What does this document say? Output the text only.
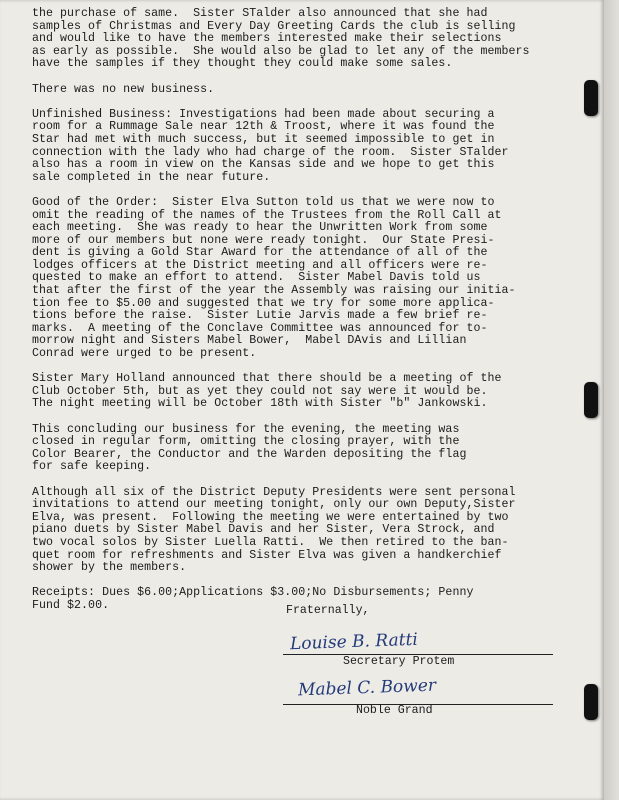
the purchase of same.  Sister STalder also announced that she had
samples of Christmas and Every Day Greeting Cards the club is selling
and would like to have the members interested make their selections
as early as possible.  She would also be glad to let any of the members
have the samples if they thought they could make some sales.
There was no new business.
Unfinished Business: Investigations had been made about securing a
room for a Rummage Sale near 12th & Troost, where it was found the
Star had met with much success, but it seemed impossible to get in
connection with the lady who had charge of the room.  Sister STalder
also has a room in view on the Kansas side and we hope to get this
sale completed in the near future.
Good of the Order:  Sister Elva Sutton told us that we were now to
omit the reading of the names of the Trustees from the Roll Call at
each meeting.  She was ready to hear the Unwritten Work from some
more of our members but none were ready tonight.  Our State Presi-
dent is giving a Gold Star Award for the attendance of all of the
lodges officers at the District meeting and all officers were re-
quested to make an effort to attend.  Sister Mabel Davis told us
that after the first of the year the Assembly was raising our initia-
tion fee to $5.00 and suggested that we try for some more applica-
tions before the raise.  Sister Lutie Jarvis made a few brief re-
marks.  A meeting of the Conclave Committee was announced for to-
morrow night and Sisters Mabel Bower,  Mabel DAvis and Lillian
Conrad were urged to be present.
Sister Mary Holland announced that there should be a meeting of the
Club October 5th, but as yet they could not say were it would be.
The night meeting will be October 18th with Sister "b" Jankowski.
This concluding our business for the evening, the meeting was
closed in regular form, omitting the closing prayer, with the
Color Bearer, the Conductor and the Warden depositing the flag
for safe keeping.
Although all six of the District Deputy Presidents were sent personal
invitations to attend our meeting tonight, only our own Deputy,Sister
Elva, was present.  Following the meeting we were entertained by two
piano duets by Sister Mabel Davis and her Sister, Vera Strock, and
two vocal solos by Sister Luella Ratti.  We then retired to the ban-
quet room for refreshments and Sister Elva was given a handkerchief
shower by the members.
Receipts: Dues $6.00;Applications $3.00;No Disbursements; Penny
Fund $2.00.	Fraternally,
Louise B. Ratti
Secretary Protem
Mabel C. Bower
Noble Grand
